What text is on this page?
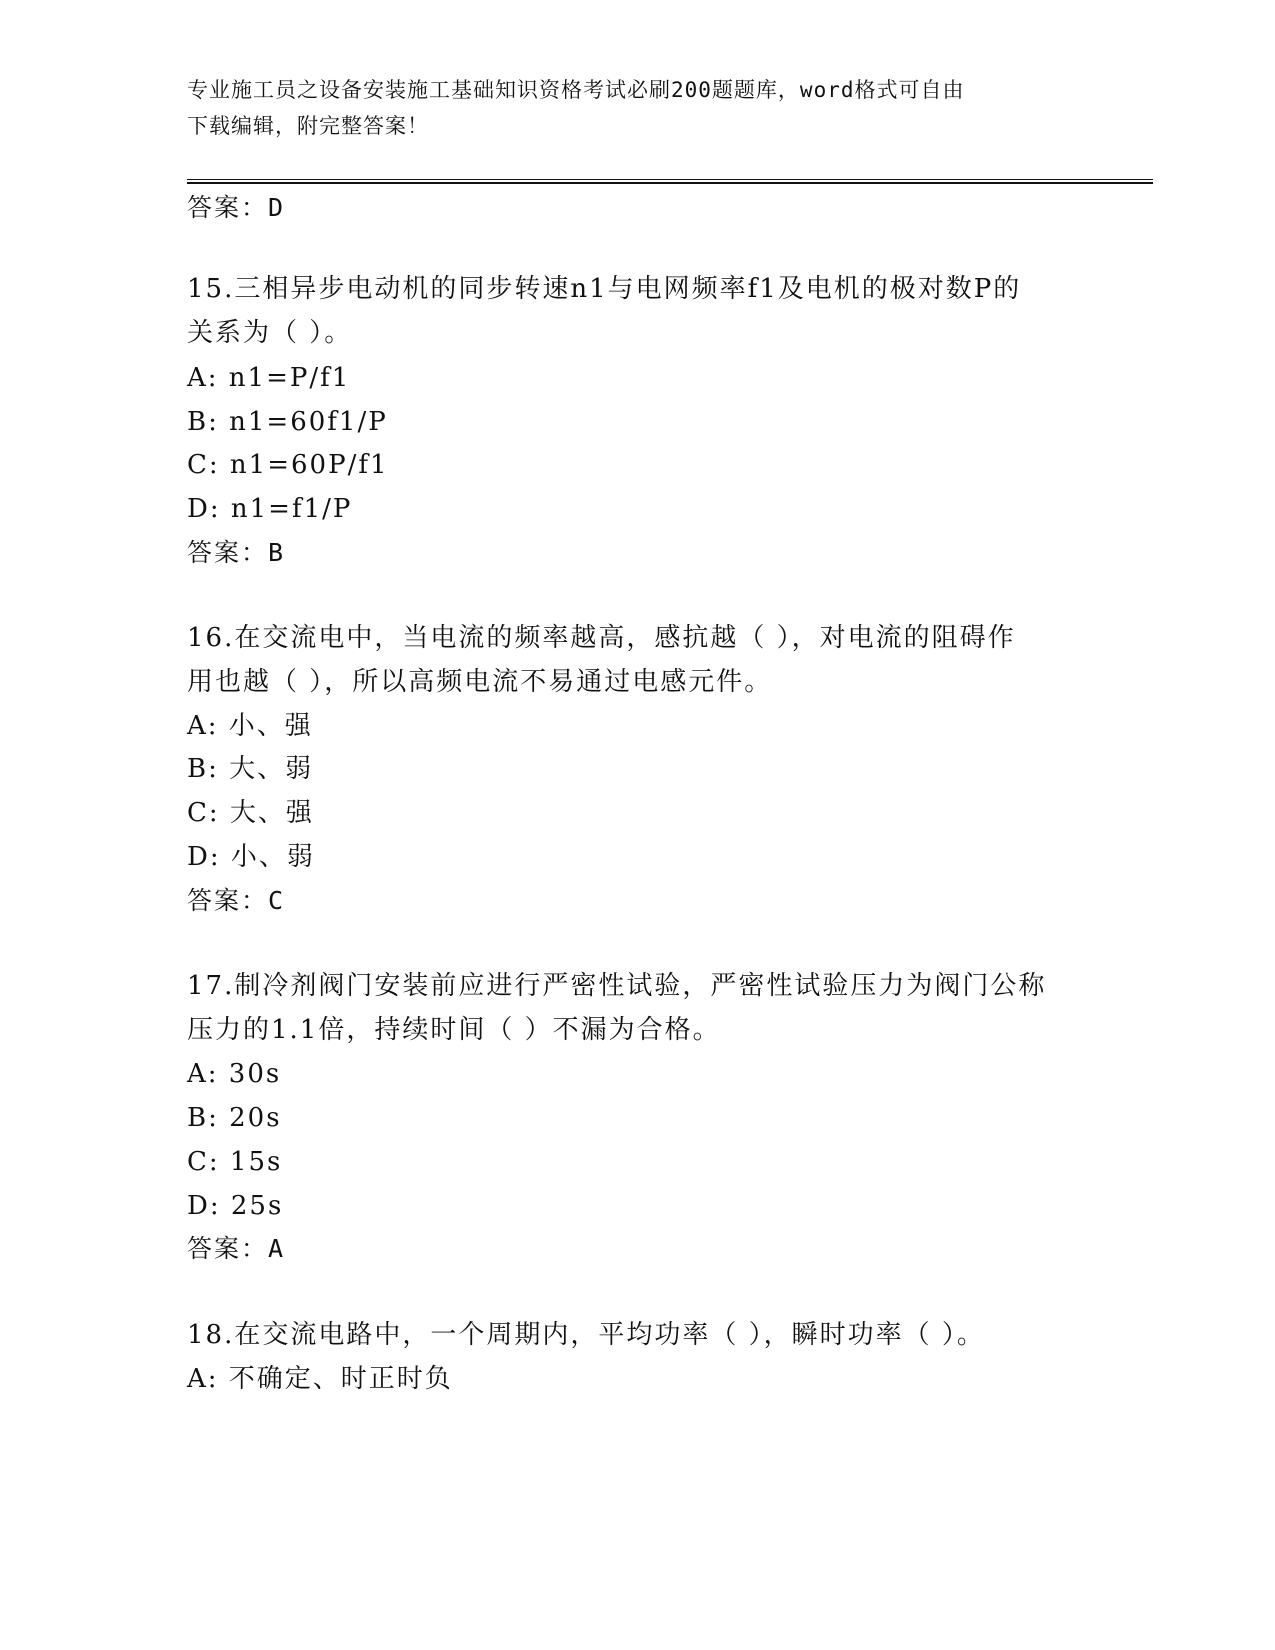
专业施工员之设备安装施工基础知识资格考试必刷200题题库，word格式可自由
下载编辑，附完整答案！
答案：D
15.三相异步电动机的同步转速n1与电网频率f1及电机的极对数P的
关系为（ ）。
A: n1=P/f1
B: n1=60f1/P
C: n1=60P/f1
D: n1=f1/P
答案：B
16.在交流电中，当电流的频率越高，感抗越（ ），对电流的阻碍作
用也越（ ），所以高频电流不易通过电感元件。
A: 小、强
B: 大、弱
C: 大、强
D: 小、弱
答案：C
17.制冷剂阀门安装前应进行严密性试验，严密性试验压力为阀门公称
压力的1.1倍，持续时间（ ）不漏为合格。
A: 30s
B: 20s
C: 15s
D: 25s
答案：A
18.在交流电路中，一个周期内，平均功率（ ），瞬时功率（ ）。
A: 不确定、时正时负
